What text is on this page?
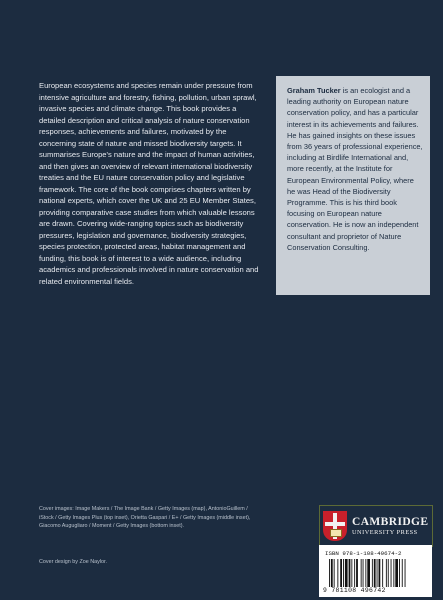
European ecosystems and species remain under pressure from intensive agriculture and forestry, fishing, pollution, urban sprawl, invasive species and climate change. This book provides a detailed description and critical analysis of nature conservation responses, achievements and failures, motivated by the concerning state of nature and missed biodiversity targets. It summarises Europe's nature and the impact of human activities, and then gives an overview of relevant international biodiversity treaties and the EU nature conservation policy and legislative framework. The core of the book comprises chapters written by national experts, which cover the UK and 25 EU Member States, providing comparative case studies from which valuable lessons are drawn. Covering wide-ranging topics such as biodiversity pressures, legislation and governance, biodiversity strategies, species protection, protected areas, habitat management and funding, this book is of interest to a wide audience, including academics and professionals involved in nature conservation and related environmental fields.
Graham Tucker is an ecologist and a leading authority on European nature conservation policy, and has a particular interest in its achievements and failures. He has gained insights on these issues from 36 years of professional experience, including at Birdlife International and, more recently, at the Institute for European Environmental Policy, where he was Head of the Biodiversity Programme. This is his third book focusing on European nature conservation. He is now an independent consultant and proprietor of Nature Conservation Consulting.
Cover images: Image Makers / The Image Bank / Getty Images (map), AntonioGuillem / iStock / Getty Images Plus (top inset), Orietta Gaspari / E+ / Getty Images (middle inset), Giacomo Augugliaro / Moment / Getty Images (bottom inset).
Cover design by Zoe Naylor.
CAMBRIDGE
UNIVERSITY PRESS
ISBN 978-1-108-49674-2
9 781108 496742
